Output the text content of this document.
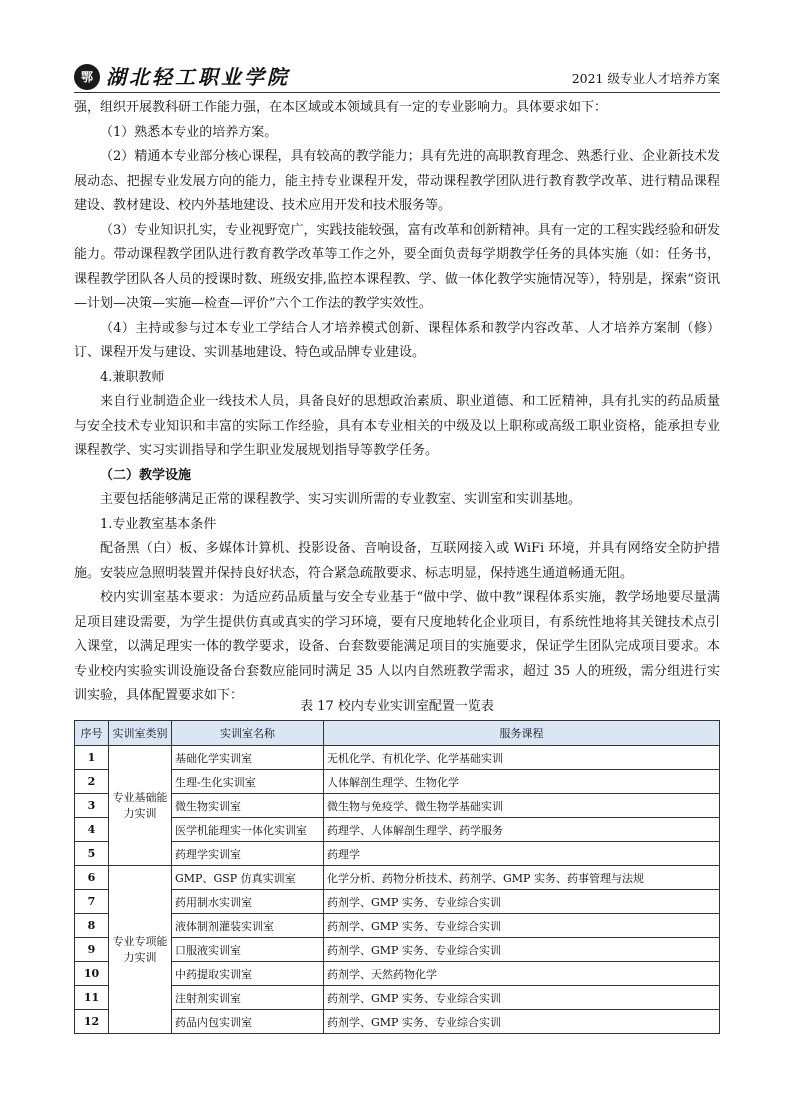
鄂 湖北轻工职业学院	2021 级专业人才培养方案

强，组织开展教科研工作能力强，在本区域或本领域具有一定的专业影响力。具体要求如下：

（1）熟悉本专业的培养方案。

（2）精通本专业部分核心课程，具有较高的教学能力；具有先进的高职教育理念、熟悉行业、企业新技术发展动态、把握专业发展方向的能力，能主持专业课程开发，带动课程教学团队进行教育教学改革、进行精品课程建设、教材建设、校内外基地建设、技术应用开发和技术服务等。

（3）专业知识扎实，专业视野宽广，实践技能较强，富有改革和创新精神。具有一定的工程实践经验和研发能力。带动课程教学团队进行教育教学改革等工作之外，要全面负责每学期教学任务的具体实施（如：任务书，课程教学团队各人员的授课时数、班级安排,监控本课程教、学、做一体化教学实施情况等），特别是，探索“资讯—计划—决策—实施—检查—评价”六个工作法的教学实效性。

（4）主持或参与过本专业工学结合人才培养模式创新、课程体系和教学内容改革、人才培养方案制（修）订、课程开发与建设、实训基地建设、特色或品牌专业建设。

4.兼职教师

来自行业制造企业一线技术人员，具备良好的思想政治素质、职业道德、和工匠精神，具有扎实的药品质量与安全技术专业知识和丰富的实际工作经验，具有本专业相关的中级及以上职称或高级工职业资格，能承担专业课程教学、实习实训指导和学生职业发展规划指导等教学任务。

（二）教学设施

主要包括能够满足正常的课程教学、实习实训所需的专业教室、实训室和实训基地。

1.专业教室基本条件

配备黑（白）板、多媒体计算机、投影设备、音响设备，互联网接入或 WiFi 环境，并具有网络安全防护措施。安装应急照明装置并保持良好状态，符合紧急疏散要求、标志明显，保持逃生通道畅通无阻。

校内实训室基本要求：为适应药品质量与安全专业基于“做中学、做中教”课程体系实施，教学场地要尽量满足项目建设需要，为学生提供仿真或真实的学习环境，要有尺度地转化企业项目，有系统性地将其关键技术点引入课堂，以满足理实一体的教学要求，设备、台套数要能满足项目的实施要求，保证学生团队完成项目要求。本专业校内实验实训设施设备台套数应能同时满足 35 人以内自然班教学需求，超过 35 人的班级，需分组进行实训实验，具体配置要求如下：

表 17 校内专业实训室配置一览表
序号	实训室类别	实训室名称	服务课程
1	专业基础能力实训	基础化学实训室	无机化学、有机化学、化学基础实训
2		生理-生化实训室	人体解剖生理学、生物化学
3		微生物实训室	微生物与免疫学、微生物学基础实训
4		医学机能理实一体化实训室	药理学、人体解剖生理学、药学服务
5		药理学实训室	药理学
6	专业专项能力实训	GMP、GSP 仿真实训室	化学分析、药物分析技术、药剂学、GMP 实务、药事管理与法规
7		药用制水实训室	药剂学、GMP 实务、专业综合实训
8		液体制剂灌装实训室	药剂学、GMP 实务、专业综合实训
9		口服液实训室	药剂学、GMP 实务、专业综合实训
10		中药提取实训室	药剂学、天然药物化学
11		注射剂实训室	药剂学、GMP 实务、专业综合实训
12		药品内包实训室	药剂学、GMP 实务、专业综合实训
